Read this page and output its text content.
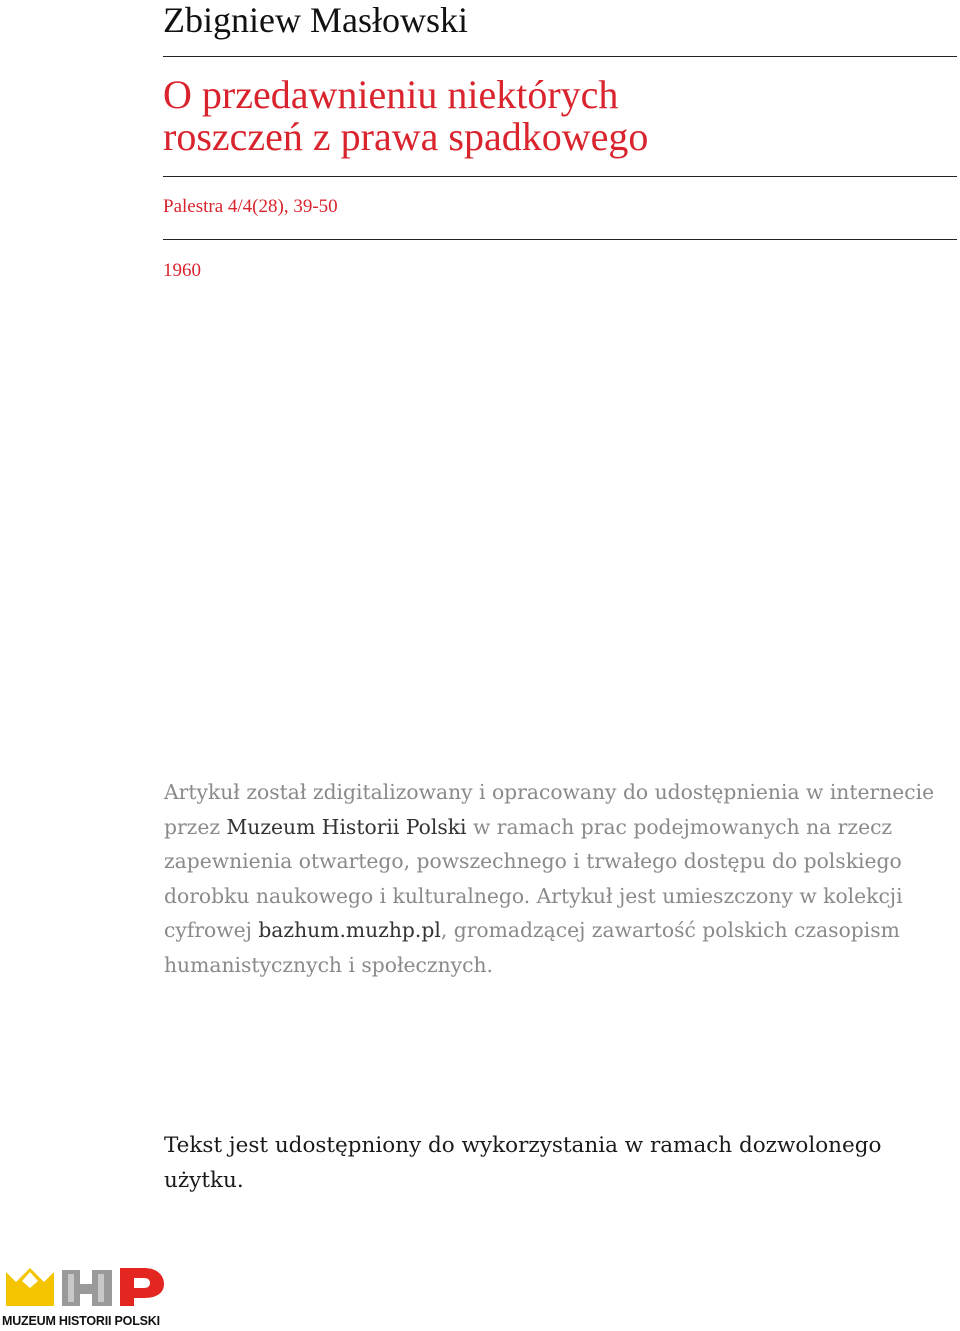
Zbigniew Masłowski
O przedawnieniu niektórych
roszczeń z prawa spadkowego
Palestra 4/4(28), 39-50
1960
Artykuł został zdigitalizowany i opracowany do udostępnienia w internecie przez Muzeum Historii Polski w ramach prac podejmowanych na rzecz zapewnienia otwartego, powszechnego i trwałego dostępu do polskiego dorobku naukowego i kulturalnego. Artykuł jest umieszczony w kolekcji cyfrowej bazhum.muzhp.pl, gromadzącej zawartość polskich czasopism humanistycznych i społecznych.
Tekst jest udostępniony do wykorzystania w ramach dozwolonego użytku.
MUZEUM HISTORII POLSKI
